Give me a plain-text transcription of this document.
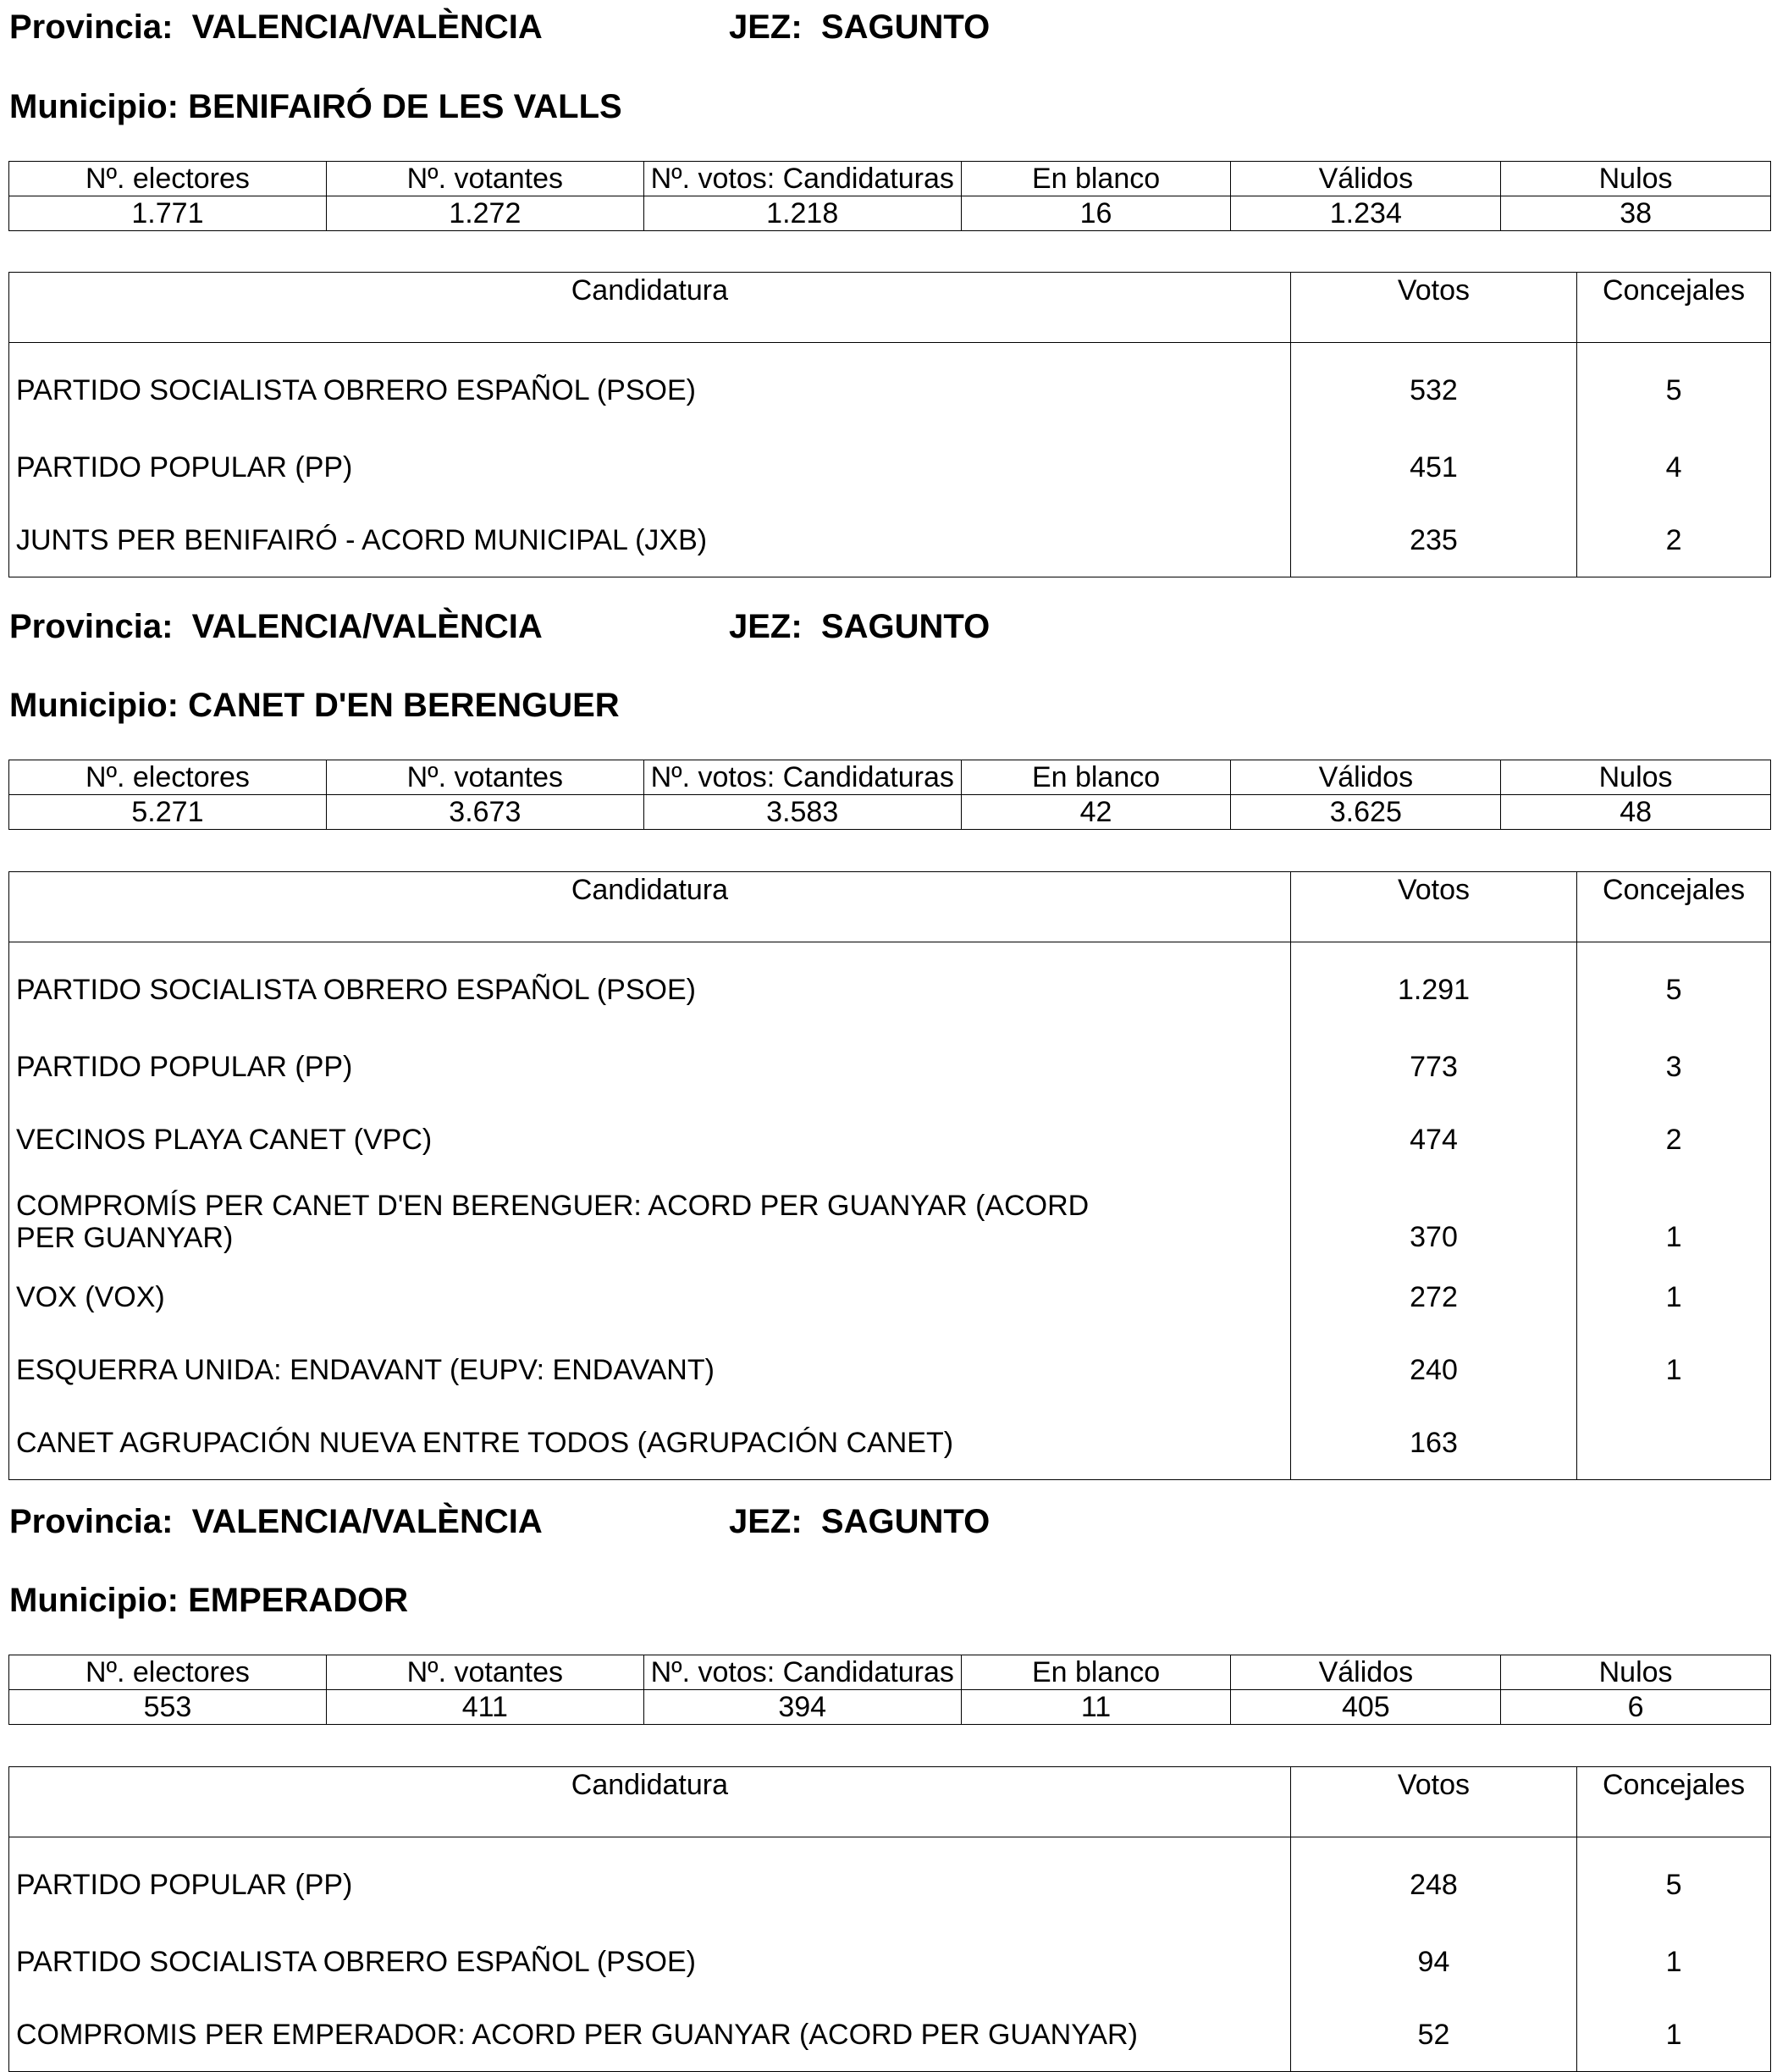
Provincia: VALENCIA/VALÈNCIA	JEZ: SAGUNTO
Municipio: BENIFAIRÓ DE LES VALLS
Nº. electores	Nº. votantes	Nº. votos: Candidaturas	En blanco	Válidos	Nulos
1.771	1.272	1.218	16	1.234	38
Candidatura	Votos	Concejales
PARTIDO SOCIALISTA OBRERO ESPAÑOL (PSOE)	532	5
PARTIDO POPULAR (PP)	451	4
JUNTS PER BENIFAIRÓ - ACORD MUNICIPAL (JXB)	235	2
Provincia: VALENCIA/VALÈNCIA	JEZ: SAGUNTO
Municipio: CANET D'EN BERENGUER
Nº. electores	Nº. votantes	Nº. votos: Candidaturas	En blanco	Válidos	Nulos
5.271	3.673	3.583	42	3.625	48
Candidatura	Votos	Concejales
PARTIDO SOCIALISTA OBRERO ESPAÑOL (PSOE)	1.291	5
PARTIDO POPULAR (PP)	773	3
VECINOS PLAYA CANET (VPC)	474	2
COMPROMÍS PER CANET D'EN BERENGUER: ACORD PER GUANYAR (ACORD PER GUANYAR)	370	1
VOX (VOX)	272	1
ESQUERRA UNIDA: ENDAVANT (EUPV: ENDAVANT)	240	1
CANET AGRUPACIÓN NUEVA ENTRE TODOS (AGRUPACIÓN CANET)	163	
Provincia: VALENCIA/VALÈNCIA	JEZ: SAGUNTO
Municipio: EMPERADOR
Nº. electores	Nº. votantes	Nº. votos: Candidaturas	En blanco	Válidos	Nulos
553	411	394	11	405	6
Candidatura	Votos	Concejales
PARTIDO POPULAR (PP)	248	5
PARTIDO SOCIALISTA OBRERO ESPAÑOL (PSOE)	94	1
COMPROMIS PER EMPERADOR: ACORD PER GUANYAR (ACORD PER GUANYAR)	52	1
